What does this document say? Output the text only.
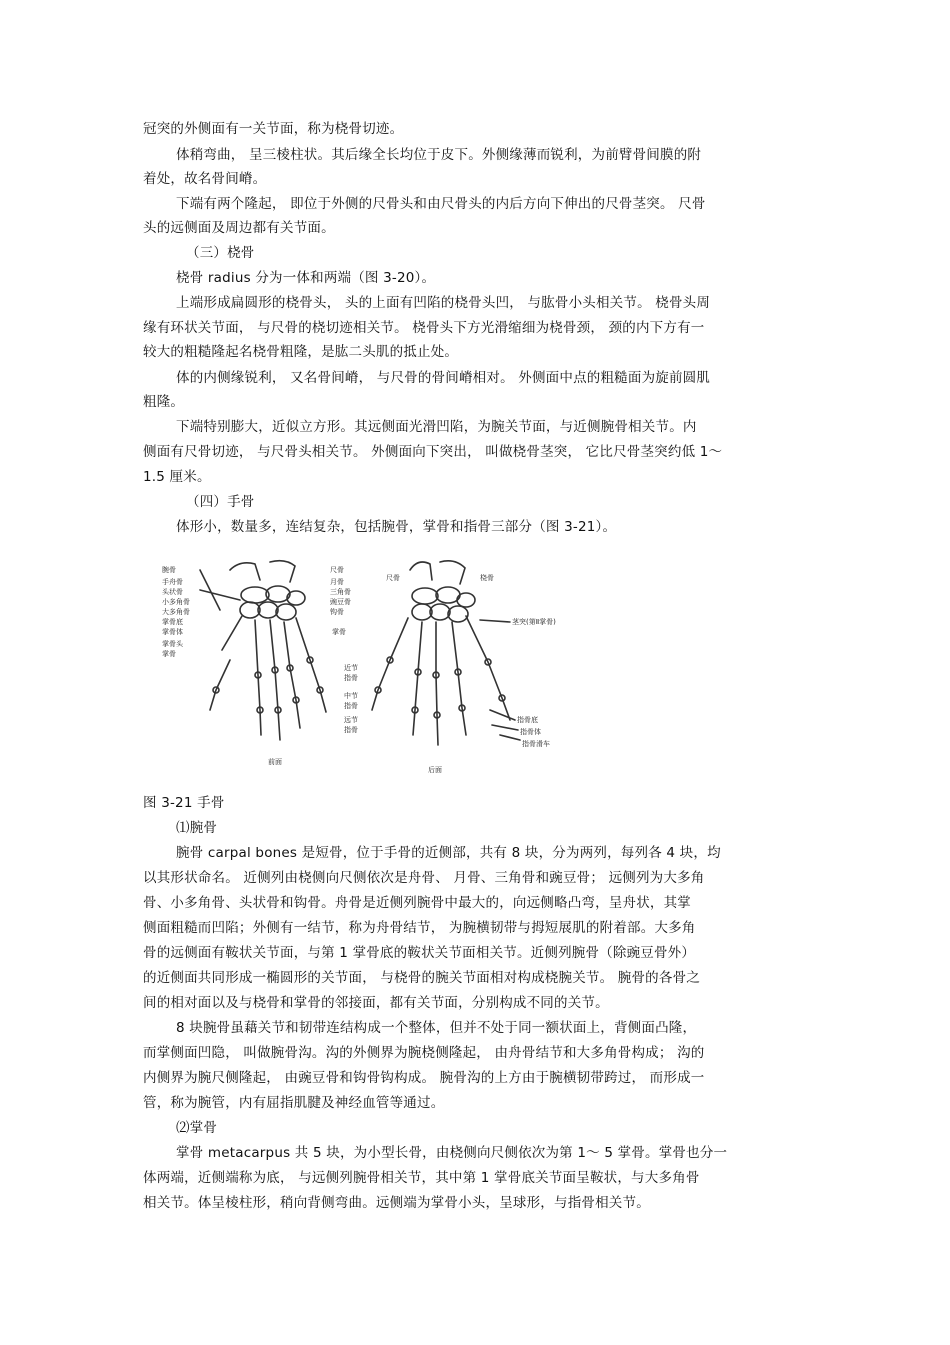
冠突的外侧面有一关节面，称为桡骨切迹。
体稍弯曲， 呈三棱柱状。其后缘全长均位于皮下。外侧缘薄而锐利，为前臂骨间膜的附
着处，故名骨间嵴。
下端有两个隆起， 即位于外侧的尺骨头和由尺骨头的内后方向下伸出的尺骨茎突。 尺骨
头的远侧面及周边都有关节面。
（三）桡骨
桡骨 radius 分为一体和两端（图 3-20）。
上端形成扁圆形的桡骨头， 头的上面有凹陷的桡骨头凹， 与肱骨小头相关节。 桡骨头周
缘有环状关节面， 与尺骨的桡切迹相关节。 桡骨头下方光滑缩细为桡骨颈， 颈的内下方有一
较大的粗糙隆起名桡骨粗隆，是肱二头肌的抵止处。
体的内侧缘锐利， 又名骨间嵴， 与尺骨的骨间嵴相对。 外侧面中点的粗糙面为旋前圆肌
粗隆。
下端特别膨大，近似立方形。其远侧面光滑凹陷，为腕关节面，与近侧腕骨相关节。内
侧面有尺骨切迹， 与尺骨头相关节。 外侧面向下突出， 叫做桡骨茎突， 它比尺骨茎突约低 1～
1.5 厘米。
（四）手骨
体形小，数量多，连结复杂，包括腕骨，掌骨和指骨三部分（图 3-21）。
腕骨
手舟骨
头状骨
小多角骨
大多角骨
掌骨底
掌骨体
掌骨头
掌骨
尺骨
月骨
三角骨
豌豆骨
钩骨
掌骨
近节
指骨
中节
指骨
远节
指骨
尺骨	桡骨
茎突(第Ⅱ掌骨)
指骨底
指骨体
指骨滑车
前面
后面
图 3-21 手骨
⑴腕骨
腕骨 carpal bones 是短骨，位于手骨的近侧部，共有 8 块，分为两列，每列各 4 块，均
以其形状命名。 近侧列由桡侧向尺侧依次是舟骨、 月骨、三角骨和豌豆骨； 远侧列为大多角
骨、小多角骨、头状骨和钩骨。舟骨是近侧列腕骨中最大的，向远侧略凸弯，呈舟状，其掌
侧面粗糙而凹陷；外侧有一结节，称为舟骨结节， 为腕横韧带与拇短展肌的附着部。大多角
骨的远侧面有鞍状关节面，与第 1 掌骨底的鞍状关节面相关节。近侧列腕骨（除豌豆骨外）
的近侧面共同形成一椭圆形的关节面， 与桡骨的腕关节面相对构成桡腕关节。 腕骨的各骨之
间的相对面以及与桡骨和掌骨的邻接面，都有关节面，分别构成不同的关节。
8 块腕骨虽藉关节和韧带连结构成一个整体，但并不处于同一额状面上，背侧面凸隆，
而掌侧面凹隐， 叫做腕骨沟。沟的外侧界为腕桡侧隆起， 由舟骨结节和大多角骨构成； 沟的
内侧界为腕尺侧隆起， 由豌豆骨和钩骨钩构成。 腕骨沟的上方由于腕横韧带跨过， 而形成一
管，称为腕管，内有屈指肌腱及神经血管等通过。
⑵掌骨
掌骨 metacarpus 共 5 块，为小型长骨，由桡侧向尺侧依次为第 1～ 5 掌骨。掌骨也分一
体两端，近侧端称为底， 与远侧列腕骨相关节，其中第 1 掌骨底关节面呈鞍状，与大多角骨
相关节。体呈棱柱形，稍向背侧弯曲。远侧端为掌骨小头，呈球形，与指骨相关节。
